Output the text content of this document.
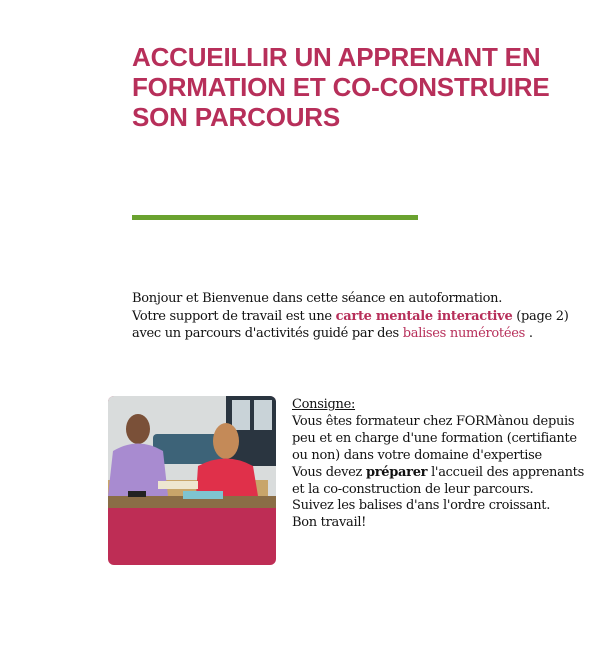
ACCUEILLIR UN APPRENANT EN
FORMATION ET CO-CONSTRUIRE
SON PARCOURS
Bonjour et Bienvenue dans cette séance en autoformation.
Votre support de travail est une carte mentale interactive (page 2)
avec un parcours d'activités guidé par des balises numérotées .
Consigne:
Vous êtes formateur chez FORMànou depuis peu et en charge d'une formation (certifiante ou non) dans votre domaine d'expertise
Vous devez préparer l'accueil des apprenants et la co-construction de leur parcours.
Suivez les balises d'ans l'ordre croissant.
Bon travail!
